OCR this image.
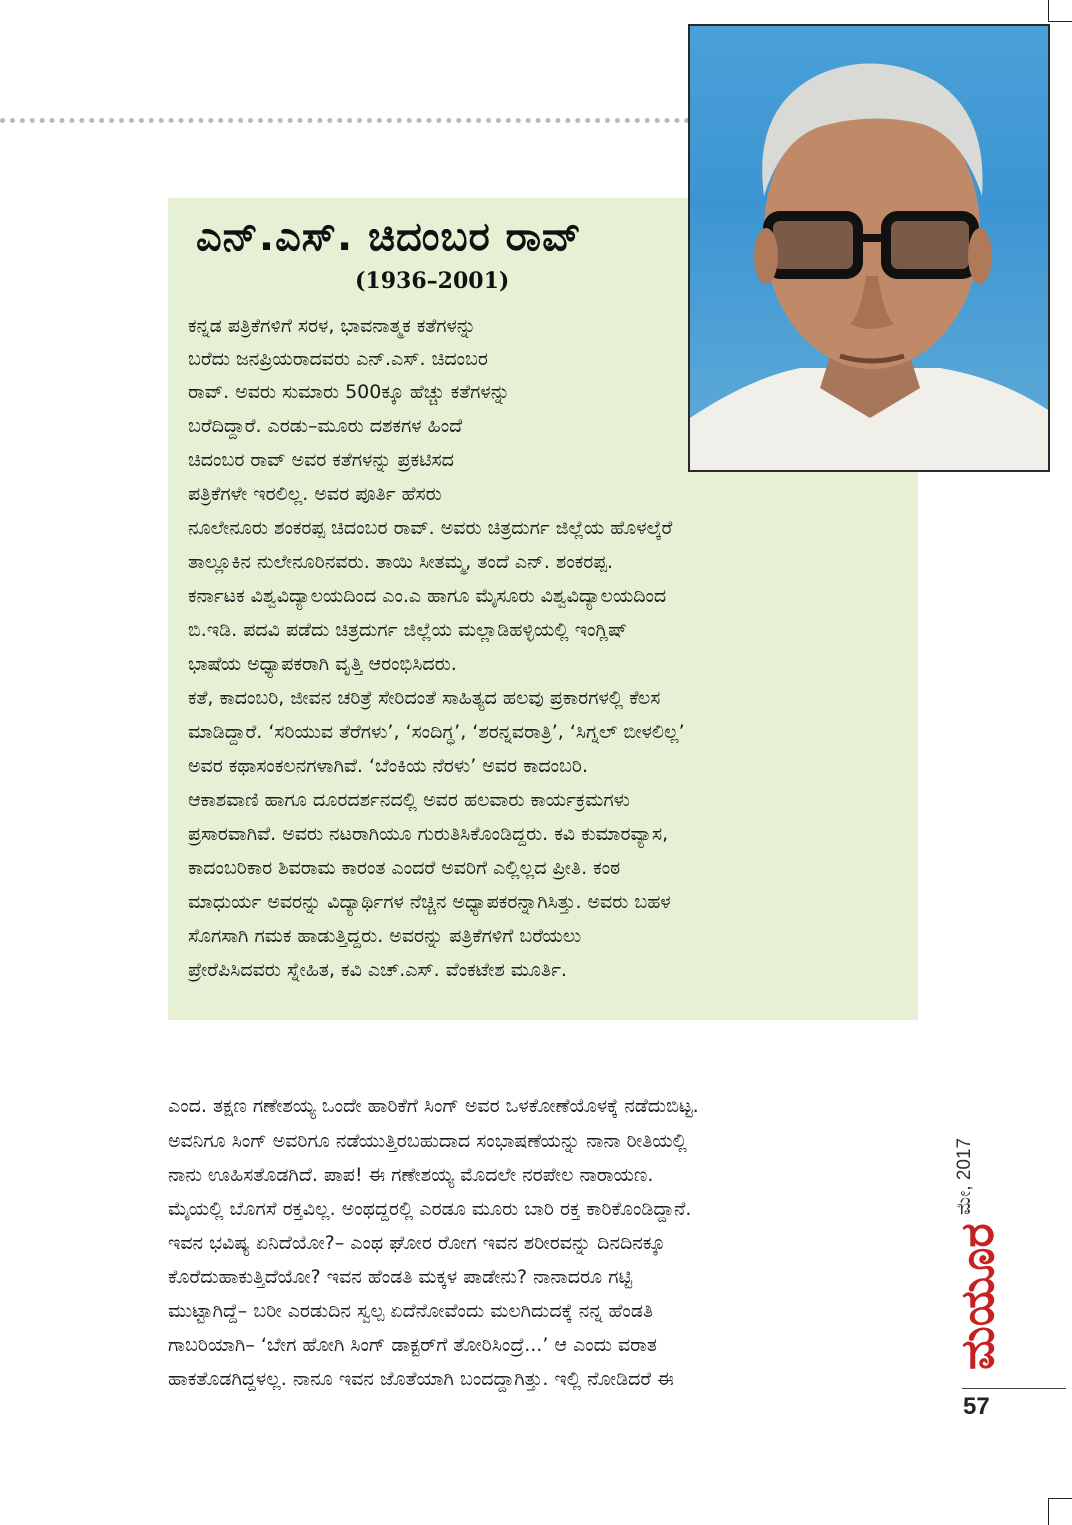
ಎನ್.ಎಸ್. ಚಿದಂಬರ ರಾವ್
(1936–2001)
ಕನ್ನಡ ಪತ್ರಿಕೆಗಳಿಗೆ ಸರಳ, ಭಾವನಾತ್ಮಕ ಕತೆಗಳನ್ನು
ಬರೆದು ಜನಪ್ರಿಯರಾದವರು ಎನ್.ಎಸ್. ಚಿದಂಬರ
ರಾವ್. ಅವರು ಸುಮಾರು 500ಕ್ಕೂ ಹೆಚ್ಚು ಕತೆಗಳನ್ನು
ಬರೆದಿದ್ದಾರೆ. ಎರಡು–ಮೂರು ದಶಕಗಳ ಹಿಂದೆ
ಚಿದಂಬರ ರಾವ್ ಅವರ ಕತೆಗಳನ್ನು ಪ್ರಕಟಿಸದ
ಪತ್ರಿಕೆಗಳೇ ಇರಲಿಲ್ಲ. ಅವರ ಪೂರ್ತಿ ಹೆಸರು
ನೂಲೇನೂರು ಶಂಕರಪ್ಪ ಚಿದಂಬರ ರಾವ್. ಅವರು ಚಿತ್ರದುರ್ಗ ಜಿಲ್ಲೆಯ ಹೊಳಲ್ಕೆರೆ
ತಾಲ್ಲೂಕಿನ ನುಲೇನೂರಿನವರು. ತಾಯಿ ಸೀತಮ್ಮ, ತಂದೆ ಎನ್. ಶಂಕರಪ್ಪ.
ಕರ್ನಾಟಕ ವಿಶ್ವವಿದ್ಯಾಲಯದಿಂದ ಎಂ.ಎ ಹಾಗೂ ಮೈಸೂರು ವಿಶ್ವವಿದ್ಯಾಲಯದಿಂದ
ಬಿ.ಇಡಿ. ಪದವಿ ಪಡೆದು ಚಿತ್ರದುರ್ಗ ಜಿಲ್ಲೆಯ ಮಲ್ಲಾಡಿಹಳ್ಳಿಯಲ್ಲಿ ಇಂಗ್ಲಿಷ್
ಭಾಷೆಯ ಅಧ್ಯಾಪಕರಾಗಿ ವೃತ್ತಿ ಆರಂಭಿಸಿದರು.
ಕತೆ, ಕಾದಂಬರಿ, ಜೀವನ ಚರಿತ್ರೆ ಸೇರಿದಂತೆ ಸಾಹಿತ್ಯದ ಹಲವು ಪ್ರಕಾರಗಳಲ್ಲಿ ಕೆಲಸ
ಮಾಡಿದ್ದಾರೆ. ‘ಸರಿಯುವ ತೆರೆಗಳು’, ‘ಸಂದಿಗ್ಧ’, ‘ಶರನ್ನವರಾತ್ರಿ’, ‘ಸಿಗ್ನಲ್ ಬೀಳಲಿಲ್ಲ’
ಅವರ ಕಥಾಸಂಕಲನಗಳಾಗಿವೆ. ‘ಬೆಂಕಿಯ ನೆರಳು’ ಅವರ ಕಾದಂಬರಿ.
ಆಕಾಶವಾಣಿ ಹಾಗೂ ದೂರದರ್ಶನದಲ್ಲಿ ಅವರ ಹಲವಾರು ಕಾರ್ಯಕ್ರಮಗಳು
ಪ್ರಸಾರವಾಗಿವೆ. ಅವರು ನಟರಾಗಿಯೂ ಗುರುತಿಸಿಕೊಂಡಿದ್ದರು. ಕವಿ ಕುಮಾರವ್ಯಾಸ,
ಕಾದಂಬರಿಕಾರ ಶಿವರಾಮ ಕಾರಂತ ಎಂದರೆ ಅವರಿಗೆ ಎಲ್ಲಿಲ್ಲದ ಪ್ರೀತಿ. ಕಂಠ
ಮಾಧುರ್ಯ ಅವರನ್ನು ವಿದ್ಯಾರ್ಥಿಗಳ ನೆಚ್ಚಿನ ಅಧ್ಯಾಪಕರನ್ನಾಗಿಸಿತ್ತು. ಅವರು ಬಹಳ
ಸೊಗಸಾಗಿ ಗಮಕ ಹಾಡುತ್ತಿದ್ದರು. ಅವರನ್ನು ಪತ್ರಿಕೆಗಳಿಗೆ ಬರೆಯಲು
ಪ್ರೇರೆಪಿಸಿದವರು ಸ್ನೇಹಿತ, ಕವಿ ಎಚ್.ಎಸ್. ವೆಂಕಟೇಶ ಮೂರ್ತಿ.
ಎಂದ. ತಕ್ಷಣ ಗಣೇಶಯ್ಯ ಒಂದೇ ಹಾರಿಕೆಗೆ ಸಿಂಗ್ ಅವರ ಒಳಕೋಣೆಯೊಳಕ್ಕೆ ನಡೆದುಬಿಟ್ಟ.
ಅವನಿಗೂ ಸಿಂಗ್ ಅವರಿಗೂ ನಡೆಯುತ್ತಿರಬಹುದಾದ ಸಂಭಾಷಣೆಯನ್ನು ನಾನಾ ರೀತಿಯಲ್ಲಿ
ನಾನು ಊಹಿಸತೊಡಗಿದೆ. ಪಾಪ! ಈ ಗಣೇಶಯ್ಯ ಮೊದಲೇ ನರಪೇಲ ನಾರಾಯಣ.
ಮೈಯಲ್ಲಿ ಬೊಗಸೆ ರಕ್ತವಿಲ್ಲ. ಅಂಥದ್ದರಲ್ಲಿ ಎರಡೂ ಮೂರು ಬಾರಿ ರಕ್ತ ಕಾರಿಕೊಂಡಿದ್ದಾನೆ.
ಇವನ ಭವಿಷ್ಯ ಏನಿದೆಯೋ?– ಎಂಥ ಘೋರ ರೋಗ ಇವನ ಶರೀರವನ್ನು ದಿನದಿನಕ್ಕೂ
ಕೊರೆದುಹಾಕುತ್ತಿದೆಯೋ? ಇವನ ಹೆಂಡತಿ ಮಕ್ಕಳ ಪಾಡೇನು? ನಾನಾದರೂ ಗಟ್ಟಿ
ಮುಟ್ಟಾಗಿದ್ದೆ– ಬರೀ ಎರಡುದಿನ ಸ್ವಲ್ಪ ಏದೆನೋವೆಂದು ಮಲಗಿದುದಕ್ಕೆ ನನ್ನ ಹೆಂಡತಿ
ಗಾಬರಿಯಾಗಿ– ‘ಬೇಗ ಹೋಗಿ ಸಿಂಗ್ ಡಾಕ್ಟರ್‌ಗೆ ತೋರಿಸಿಂದ್ರೆ...’ ಆ ಎಂದು ವರಾತ
ಹಾಕತೊಡಗಿದ್ದಳಲ್ಲ. ನಾನೂ ಇವನ ಜೊತೆಯಾಗಿ ಬಂದದ್ದಾಗಿತ್ತು. ಇಲ್ಲಿ ನೋಡಿದರೆ ಈ
ಮೇ, 2017
ಮಯೂರ
57
